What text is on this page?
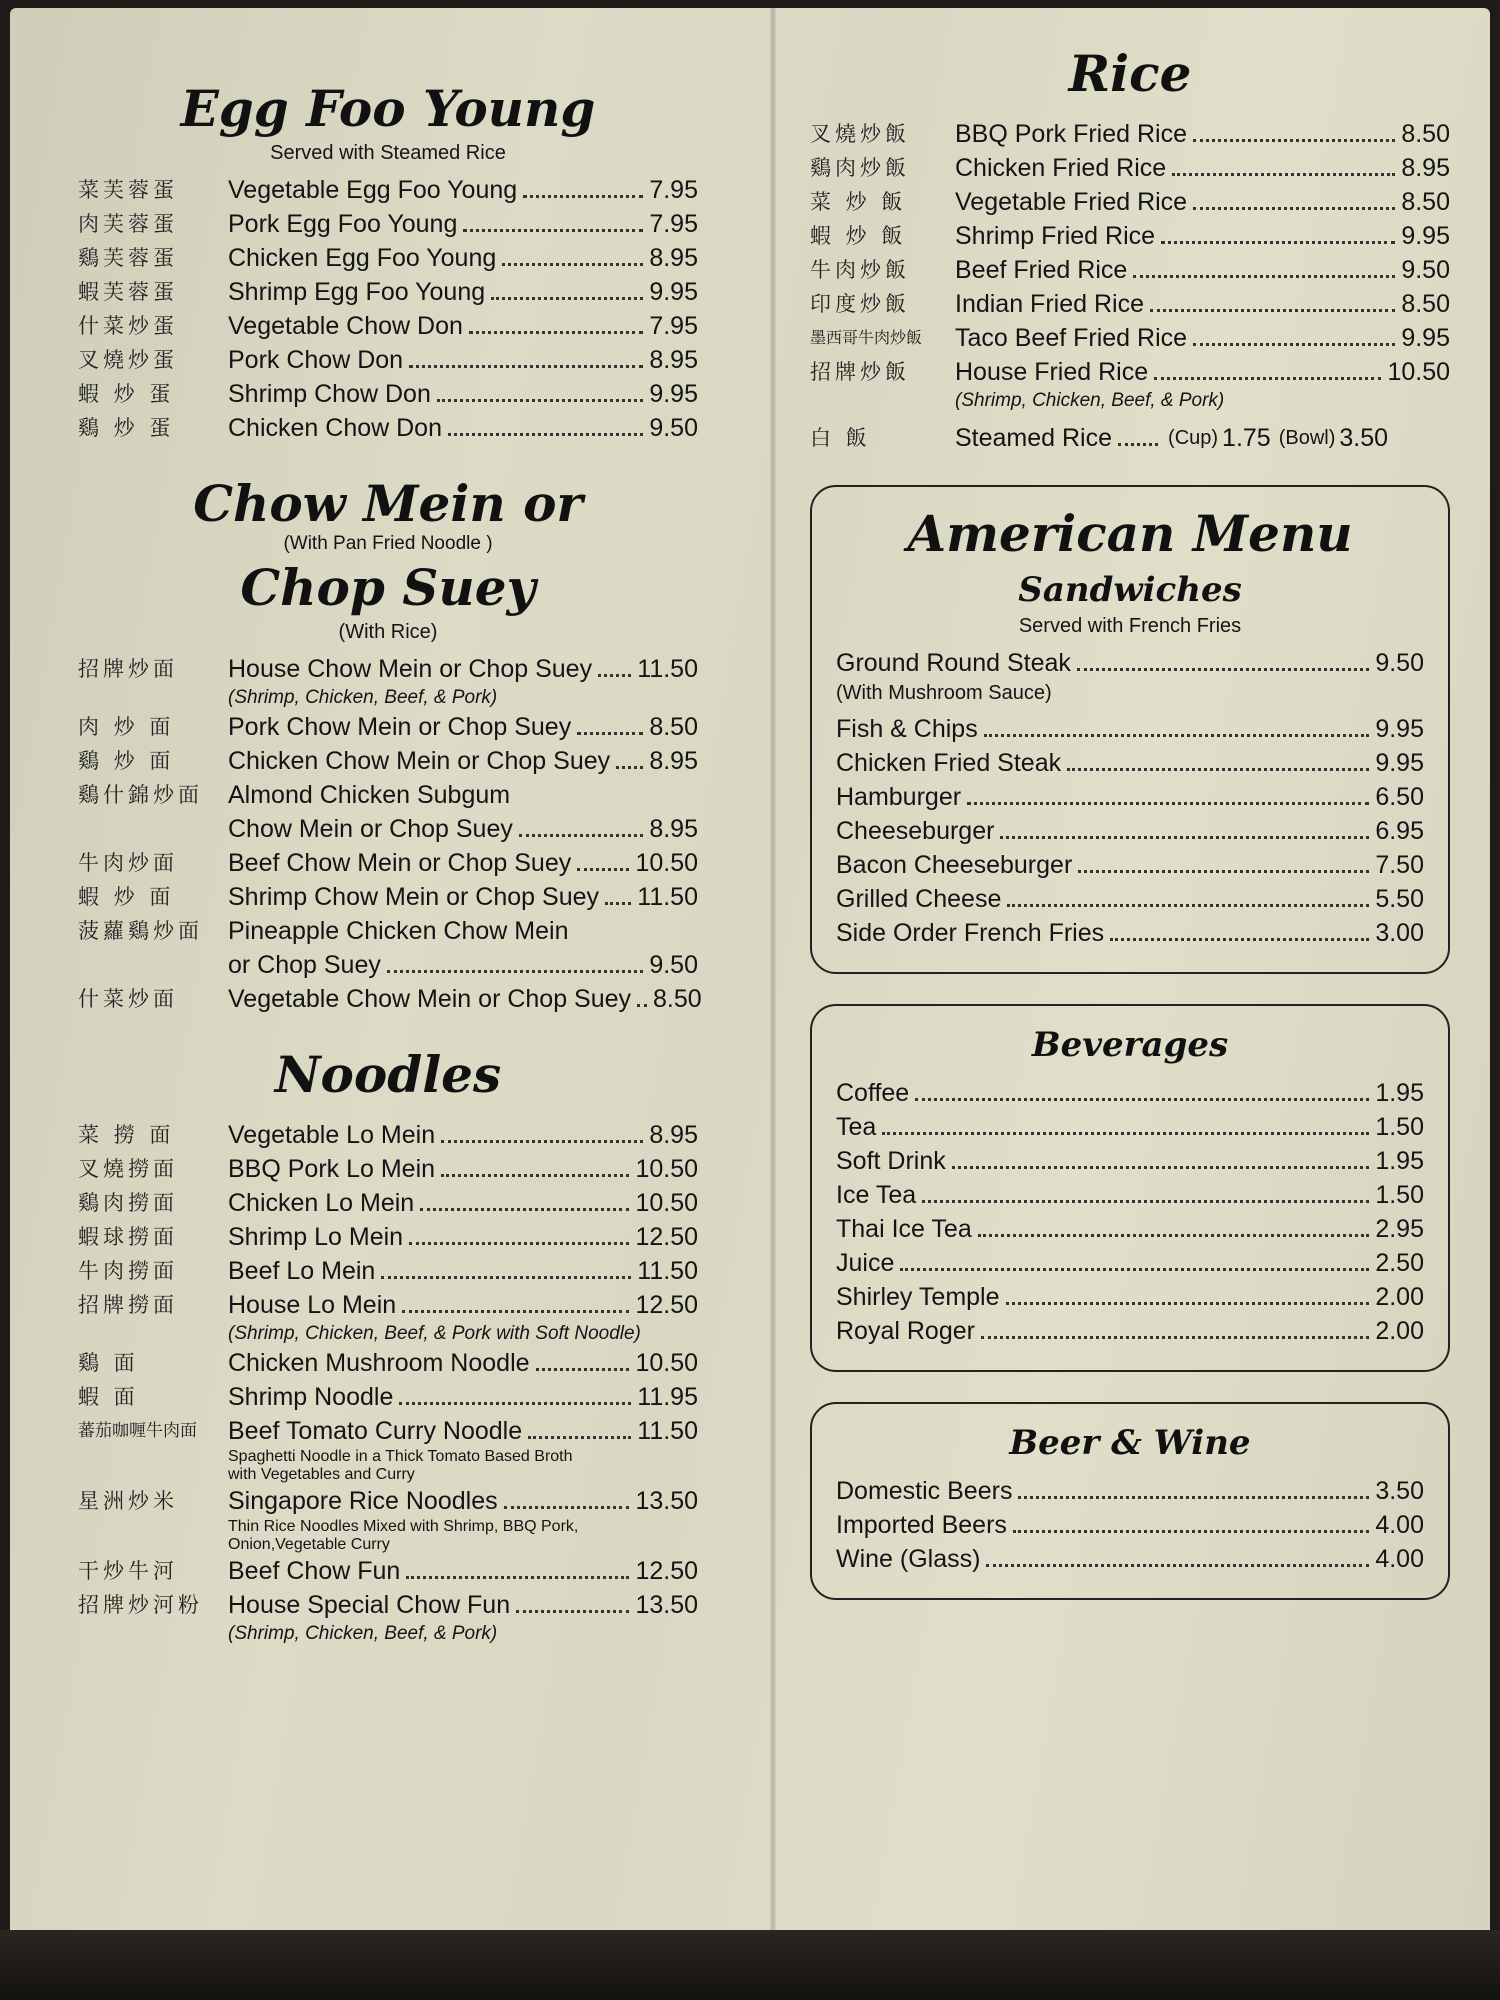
Egg Foo Young
Served with Steamed Rice
菜芙蓉蛋	Vegetable Egg Foo Young	7.95
肉芙蓉蛋	Pork Egg Foo Young	7.95
鷄芙蓉蛋	Chicken Egg Foo Young	8.95
蝦芙蓉蛋	Shrimp Egg Foo Young	9.95
什菜炒蛋	Vegetable Chow Don	7.95
叉燒炒蛋	Pork Chow Don	8.95
蝦 炒 蛋	Shrimp Chow Don	9.95
鷄 炒 蛋	Chicken Chow Don	9.50
Chow Mein or
(With Pan Fried Noodle )
Chop Suey
(With Rice)
招牌炒面	House Chow Mein or Chop Suey 11.50
(Shrimp, Chicken, Beef, & Pork)
肉 炒 面	Pork Chow Mein or Chop Suey	8.50
鷄 炒 面	Chicken Chow Mein or Chop Suey 8.95
鷄什錦炒面	Almond Chicken Subgum
Chow Mein or Chop Suey	8.95
牛肉炒面	Beef Chow Mein or Chop Suey	10.50
蝦 炒 面	Shrimp Chow Mein or Chop Suey 11.50
菠蘿鷄炒面	Pineapple Chicken Chow Mein
or Chop Suey	9.50
什菜炒面	Vegetable Chow Mein or Chop Suey 8.50
Noodles
菜 撈 面	Vegetable Lo Mein	8.95
叉燒撈面	BBQ Pork Lo Mein	10.50
鷄肉撈面	Chicken Lo Mein	10.50
蝦球撈面	Shrimp Lo Mein	12.50
牛肉撈面	Beef Lo Mein	11.50
招牌撈面	House Lo Mein	12.50
(Shrimp, Chicken, Beef, & Pork with Soft Noodle)
鷄 面	Chicken Mushroom Noodle	10.50
蝦 面	Shrimp Noodle	11.95
蕃茄咖喱牛肉面	Beef Tomato Curry Noodle	11.50
Spaghetti Noodle in a Thick Tomato Based Broth
with Vegetables and Curry
星洲炒米	Singapore Rice Noodles	13.50
Thin Rice Noodles Mixed with Shrimp, BBQ Pork,
Onion,Vegetable Curry
干炒牛河	Beef Chow Fun	12.50
招牌炒河粉	House Special Chow Fun	13.50
(Shrimp, Chicken, Beef, & Pork)
Rice
叉燒炒飯	BBQ Pork Fried Rice	8.50
鷄肉炒飯	Chicken Fried Rice	8.95
菜 炒 飯	Vegetable Fried Rice	8.50
蝦 炒 飯	Shrimp Fried Rice	9.95
牛肉炒飯	Beef Fried Rice	9.50
印度炒飯	Indian Fried Rice	8.50
墨西哥牛肉炒飯	Taco Beef Fried Rice	9.95
招牌炒飯	House Fried Rice	10.50
(Shrimp, Chicken, Beef, & Pork)
白 飯	Steamed Rice	(Cup) 1.75 (Bowl) 3.50
American Menu
Sandwiches
Served with French Fries
Ground Round Steak	9.50
(With Mushroom Sauce)
Fish & Chips	9.95
Chicken Fried Steak	9.95
Hamburger	6.50
Cheeseburger	6.95
Bacon Cheeseburger	7.50
Grilled Cheese	5.50
Side Order French Fries	3.00
Beverages
Coffee	1.95
Tea	1.50
Soft Drink	1.95
Ice Tea	1.50
Thai Ice Tea	2.95
Juice	2.50
Shirley Temple	2.00
Royal Roger	2.00
Beer & Wine
Domestic Beers	3.50
Imported Beers	4.00
Wine (Glass)	4.00
